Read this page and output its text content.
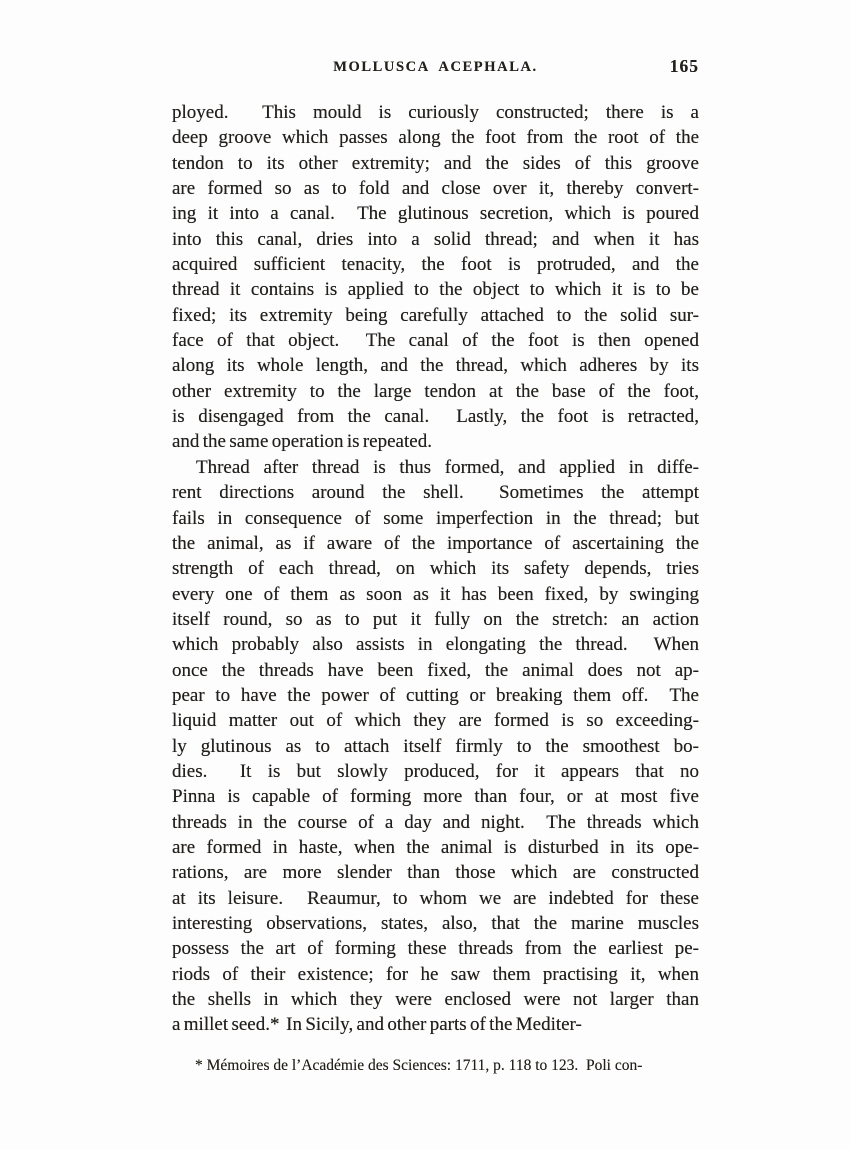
MOLLUSCA ACEPHALA.	165
ployed.  This mould is curiously constructed; there is a
deep groove which passes along the foot from the root of the
tendon to its other extremity; and the sides of this groove
are formed so as to fold and close over it, thereby convert-
ing it into a canal.  The glutinous secretion, which is poured
into this canal, dries into a solid thread; and when it has
acquired sufficient tenacity, the foot is protruded, and the
thread it contains is applied to the object to which it is to be
fixed; its extremity being carefully attached to the solid sur-
face of that object.  The canal of the foot is then opened
along its whole length, and the thread, which adheres by its
other extremity to the large tendon at the base of the foot,
is disengaged from the canal.  Lastly, the foot is retracted,
and the same operation is repeated.
Thread after thread is thus formed, and applied in diffe-
rent directions around the shell.  Sometimes the attempt
fails in consequence of some imperfection in the thread; but
the animal, as if aware of the importance of ascertaining the
strength of each thread, on which its safety depends, tries
every one of them as soon as it has been fixed, by swinging
itself round, so as to put it fully on the stretch: an action
which probably also assists in elongating the thread.  When
once the threads have been fixed, the animal does not ap-
pear to have the power of cutting or breaking them off.  The
liquid matter out of which they are formed is so exceeding-
ly glutinous as to attach itself firmly to the smoothest bo-
dies.  It is but slowly produced, for it appears that no
Pinna is capable of forming more than four, or at most five
threads in the course of a day and night.  The threads which
are formed in haste, when the animal is disturbed in its ope-
rations, are more slender than those which are constructed
at its leisure.  Reaumur, to whom we are indebted for these
interesting observations, states, also, that the marine muscles
possess the art of forming these threads from the earliest pe-
riods of their existence; for he saw them practising it, when
the shells in which they were enclosed were not larger than
a millet seed.*  In Sicily, and other parts of the Mediter-
* Mémoires de l’Académie des Sciences: 1711, p. 118 to 123.  Poli con-
